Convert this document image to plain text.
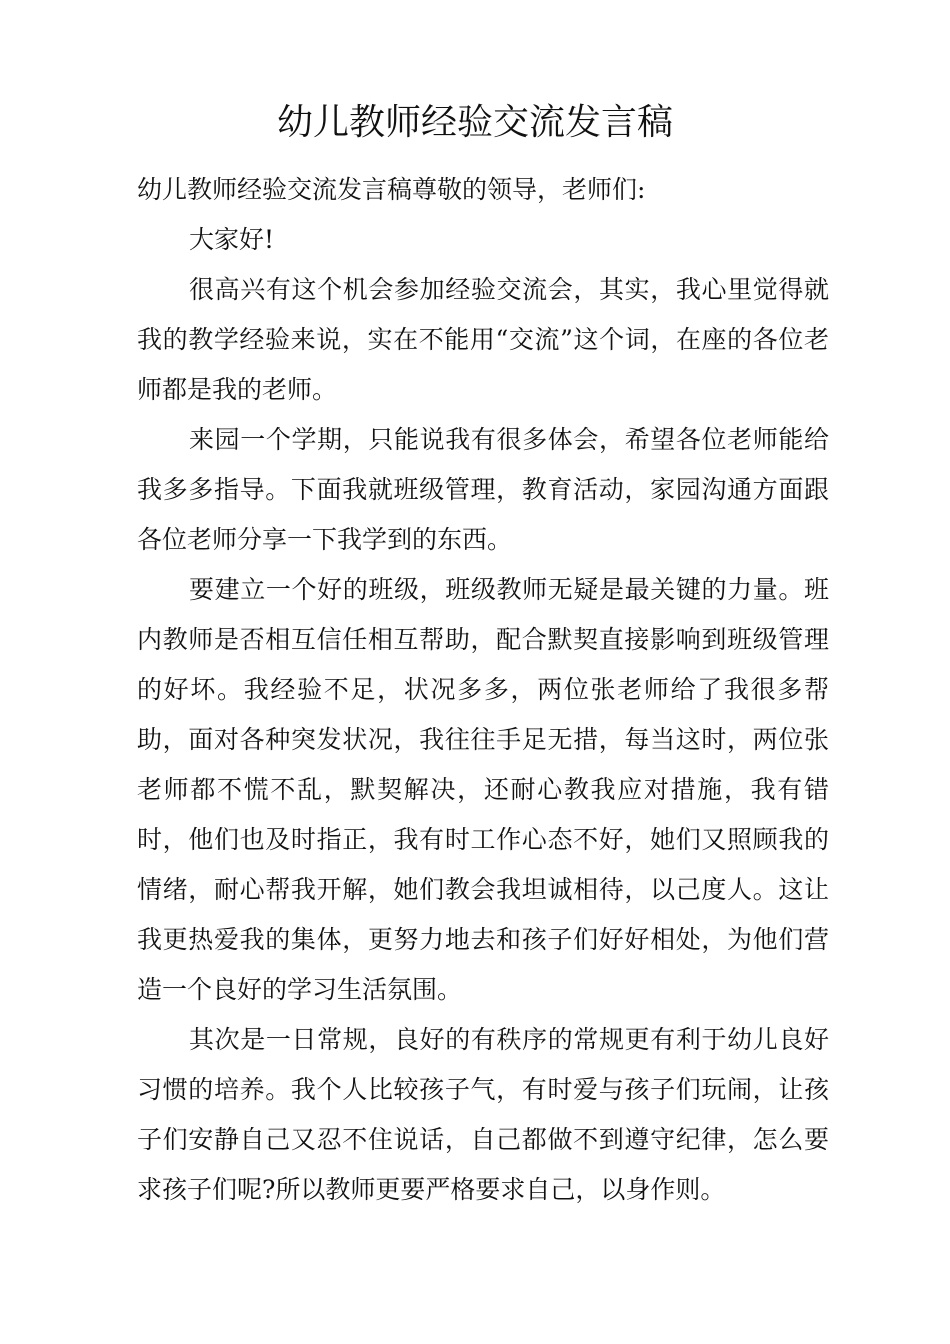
幼儿教师经验交流发言稿

幼儿教师经验交流发言稿尊敬的领导，老师们:

大家好!

很高兴有这个机会参加经验交流会，其实，我心里觉得就我的教学经验来说，实在不能用“交流”这个词，在座的各位老师都是我的老师。

来园一个学期，只能说我有很多体会，希望各位老师能给我多多指导。下面我就班级管理，教育活动，家园沟通方面跟各位老师分享一下我学到的东西。

要建立一个好的班级，班级教师无疑是最关键的力量。班内教师是否相互信任相互帮助，配合默契直接影响到班级管理的好坏。我经验不足，状况多多，两位张老师给了我很多帮助，面对各种突发状况，我往往手足无措，每当这时，两位张老师都不慌不乱，默契解决，还耐心教我应对措施，我有错时，他们也及时指正，我有时工作心态不好，她们又照顾我的情绪，耐心帮我开解，她们教会我坦诚相待，以己度人。这让我更热爱我的集体，更努力地去和孩子们好好相处，为他们营造一个良好的学习生活氛围。

其次是一日常规，良好的有秩序的常规更有利于幼儿良好习惯的培养。我个人比较孩子气，有时爱与孩子们玩闹，让孩子们安静自己又忍不住说话，自己都做不到遵守纪律，怎么要求孩子们呢?所以教师更要严格要求自己，以身作则。
